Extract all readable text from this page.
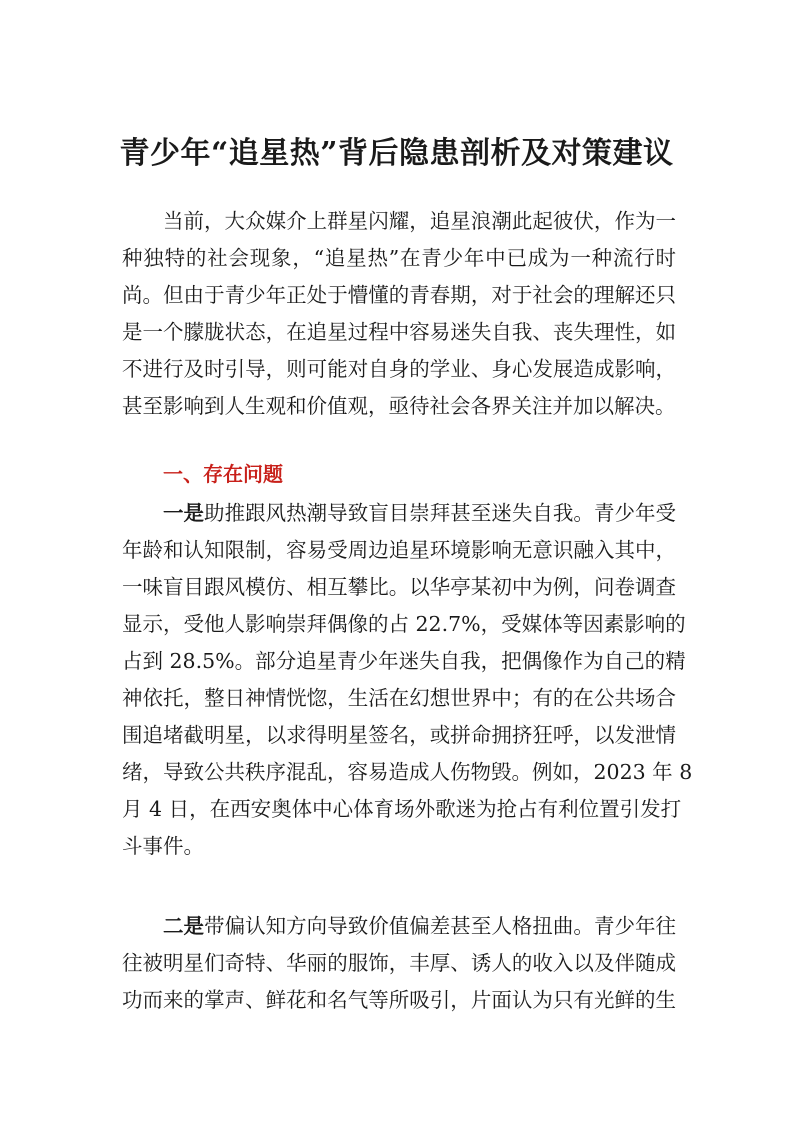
青少年“追星热”背后隐患剖析及对策建议
当前，大众媒介上群星闪耀，追星浪潮此起彼伏，作为一
种独特的社会现象，“追星热”在青少年中已成为一种流行时
尚。但由于青少年正处于懵懂的青春期，对于社会的理解还只
是一个朦胧状态，在追星过程中容易迷失自我、丧失理性，如
不进行及时引导，则可能对自身的学业、身心发展造成影响，
甚至影响到人生观和价值观，亟待社会各界关注并加以解决。
一、存在问题
一是助推跟风热潮导致盲目崇拜甚至迷失自我。青少年受
年龄和认知限制，容易受周边追星环境影响无意识融入其中，
一味盲目跟风模仿、相互攀比。以华亭某初中为例，问卷调查
显示，受他人影响崇拜偶像的占 22.7%，受媒体等因素影响的
占到 28.5%。部分追星青少年迷失自我，把偶像作为自己的精
神依托，整日神情恍惚，生活在幻想世界中；有的在公共场合
围追堵截明星，以求得明星签名，或拼命拥挤狂呼，以发泄情
绪，导致公共秩序混乱，容易造成人伤物毁。例如，2023 年 8
月 4 日，在西安奥体中心体育场外歌迷为抢占有利位置引发打
斗事件。
二是带偏认知方向导致价值偏差甚至人格扭曲。青少年往
往被明星们奇特、华丽的服饰，丰厚、诱人的收入以及伴随成
功而来的掌声、鲜花和名气等所吸引，片面认为只有光鲜的生
